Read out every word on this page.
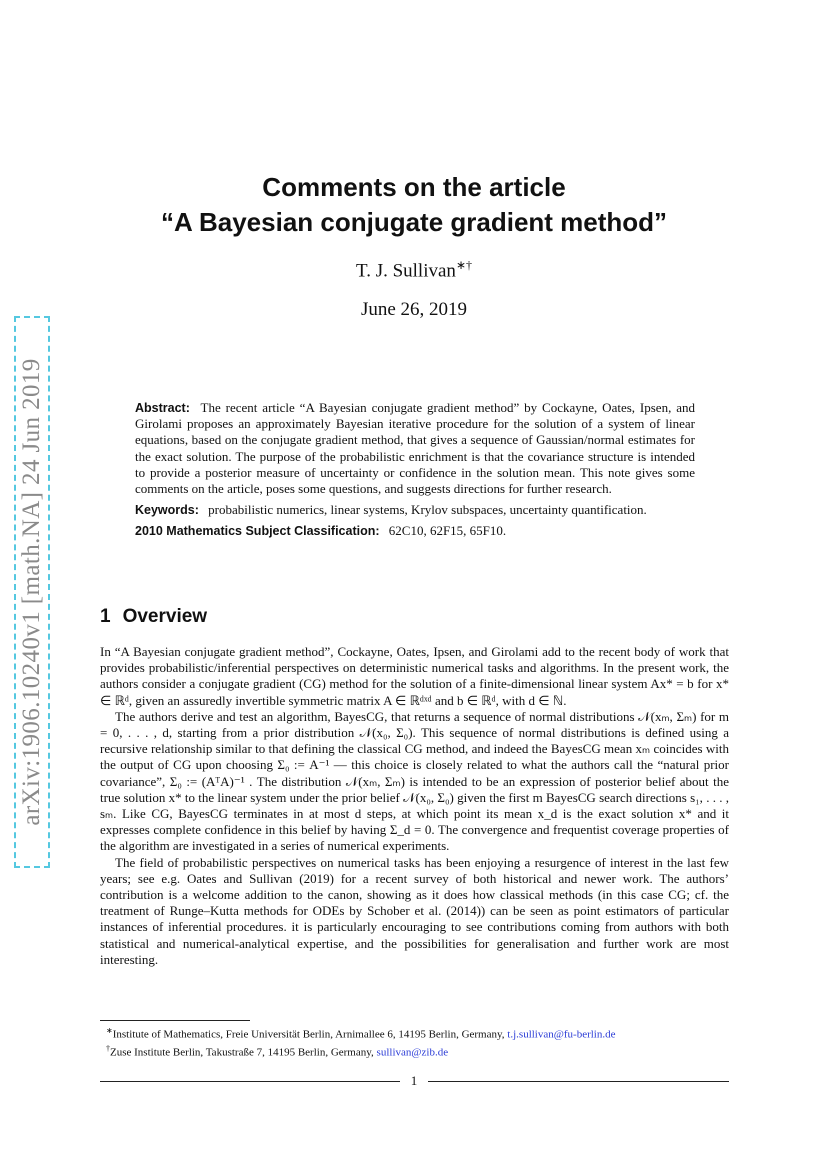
arXiv:1906.10240v1 [math.NA] 24 Jun 2019
Comments on the article
“A Bayesian conjugate gradient method”
T. J. Sullivan∗†
June 26, 2019

Abstract: The recent article “A Bayesian conjugate gradient method” by Cockayne, Oates, Ipsen, and Girolami proposes an approximately Bayesian iterative procedure for the solution of a system of linear equations, based on the conjugate gradient method, that gives a sequence of Gaussian/normal estimates for the exact solution. The purpose of the probabilistic enrichment is that the covariance structure is intended to provide a posterior measure of uncertainty or confidence in the solution mean. This note gives some comments on the article, poses some questions, and suggests directions for further research.

Keywords: probabilistic numerics, linear systems, Krylov subspaces, uncertainty quantification.

2010 Mathematics Subject Classification: 62C10, 62F15, 65F10.

1 Overview

In “A Bayesian conjugate gradient method”, Cockayne, Oates, Ipsen, and Girolami add to the recent body of work that provides probabilistic/inferential perspectives on deterministic numerical tasks and algorithms. In the present work, the authors consider a conjugate gradient (CG) method for the solution of a finite-dimensional linear system Ax* = b for x* ∈ ℝᵈ, given an assuredly invertible symmetric matrix A ∈ ℝᵈˣᵈ and b ∈ ℝᵈ, with d ∈ ℕ.

The authors derive and test an algorithm, BayesCG, that returns a sequence of normal distributions 𝒩(xₘ, Σₘ) for m = 0, . . . , d, starting from a prior distribution 𝒩(x₀, Σ₀). This sequence of normal distributions is defined using a recursive relationship similar to that defining the classical CG method, and indeed the BayesCG mean xₘ coincides with the output of CG upon choosing Σ₀ := A⁻¹ — this choice is closely related to what the authors call the “natural prior covariance”, Σ₀ := (AᵀA)⁻¹ . The distribution 𝒩(xₘ, Σₘ) is intended to be an expression of posterior belief about the true solution x* to the linear system under the prior belief 𝒩(x₀, Σ₀) given the first m BayesCG search directions s₁, . . . , sₘ. Like CG, BayesCG terminates in at most d steps, at which point its mean x_d is the exact solution x* and it expresses complete confidence in this belief by having Σ_d = 0. The convergence and frequentist coverage properties of the algorithm are investigated in a series of numerical experiments.

The field of probabilistic perspectives on numerical tasks has been enjoying a resurgence of interest in the last few years; see e.g. Oates and Sullivan (2019) for a recent survey of both historical and newer work. The authors’ contribution is a welcome addition to the canon, showing as it does how classical methods (in this case CG; cf. the treatment of Runge–Kutta methods for ODEs by Schober et al. (2014)) can be seen as point estimators of particular instances of inferential procedures. it is particularly encouraging to see contributions coming from authors with both statistical and numerical-analytical expertise, and the possibilities for generalisation and further work are most interesting.

∗Institute of Mathematics, Freie Universität Berlin, Arnimallee 6, 14195 Berlin, Germany, t.j.sullivan@fu-berlin.de

†Zuse Institute Berlin, Takustraße 7, 14195 Berlin, Germany, sullivan@zib.de

1
